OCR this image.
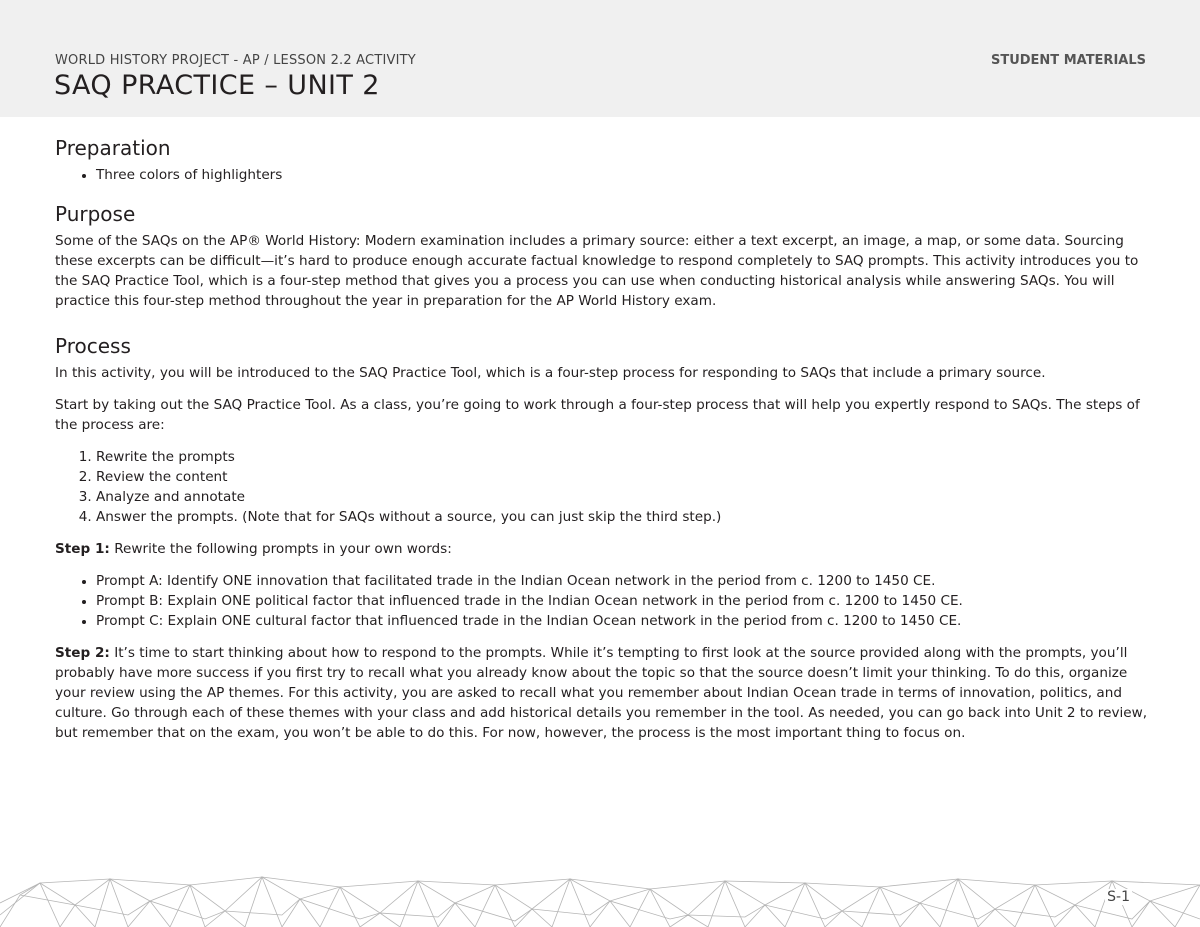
WORLD HISTORY PROJECT - AP / LESSON 2.2 ACTIVITY
SAQ PRACTICE – UNIT 2
STUDENT MATERIALS
Preparation
• Three colors of highlighters
Purpose

Some of the SAQs on the AP® World History: Modern examination includes a primary source: either a text excerpt, an image, a map, or some data. Sourcing these excerpts can be difficult—it’s hard to produce enough accurate factual knowledge to respond completely to SAQ prompts. This activity introduces you to the SAQ Practice Tool, which is a four-step method that gives you a process you can use when conducting historical analysis while answering SAQs. You will practice this four-step method throughout the year in preparation for the AP World History exam.

Process

In this activity, you will be introduced to the SAQ Practice Tool, which is a four-step process for responding to SAQs that include a primary source.

Start by taking out the SAQ Practice Tool. As a class, you’re going to work through a four-step process that will help you expertly respond to SAQs. The steps of the process are:

1. Rewrite the prompts
2. Review the content
3. Analyze and annotate
4. Answer the prompts. (Note that for SAQs without a source, you can just skip the third step.)

Step 1: Rewrite the following prompts in your own words:

• Prompt A: Identify ONE innovation that facilitated trade in the Indian Ocean network in the period from c. 1200 to 1450 CE.
• Prompt B: Explain ONE political factor that influenced trade in the Indian Ocean network in the period from c. 1200 to 1450 CE.
• Prompt C: Explain ONE cultural factor that influenced trade in the Indian Ocean network in the period from c. 1200 to 1450 CE.

Step 2: It’s time to start thinking about how to respond to the prompts. While it’s tempting to first look at the source provided along with the prompts, you’ll probably have more success if you first try to recall what you already know about the topic so that the source doesn’t limit your thinking. To do this, organize your review using the AP themes. For this activity, you are asked to recall what you remember about Indian Ocean trade in terms of innovation, politics, and culture. Go through each of these themes with your class and add historical details you remember in the tool. As needed, you can go back into Unit 2 to review, but remember that on the exam, you won’t be able to do this. For now, however, the process is the most important thing to focus on.

S-1
